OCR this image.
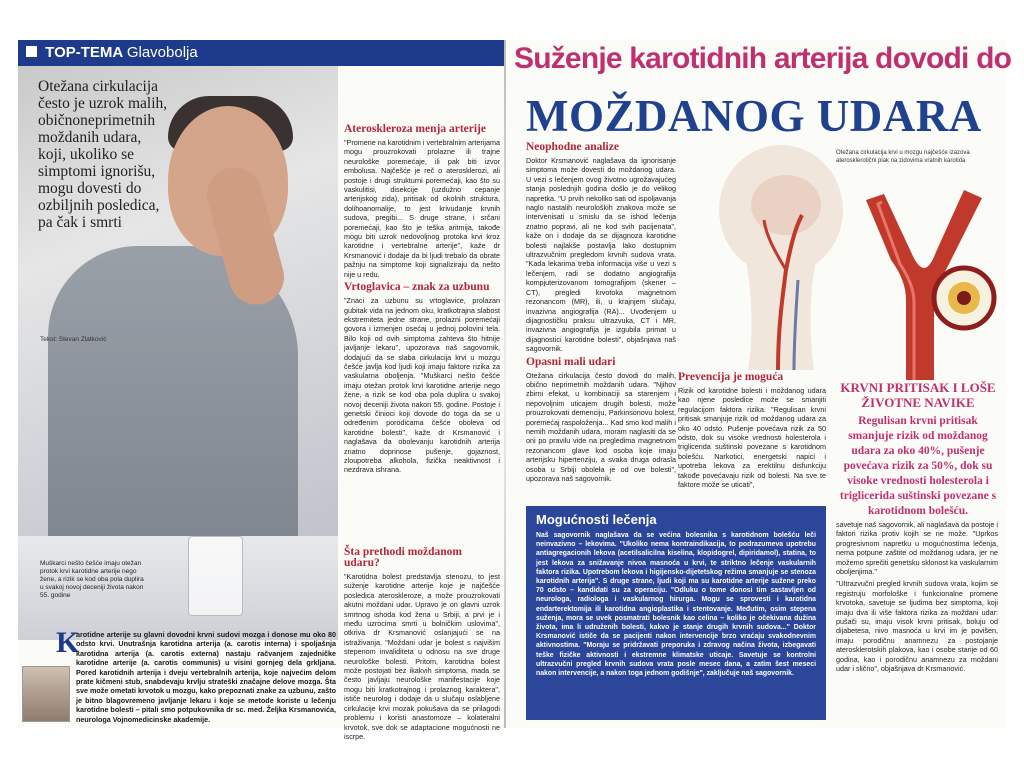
TOP-TEMA Glavobolja
Otežana cirkulacija često je uzrok malih, običnoneprimetnih moždanih udara, koji, ukoliko se simptomi ignorišu, mogu dovesti do ozbiljnih posledica, pa čak i smrti
Tekst: Stevan Zlatković
Muškarci nešto češće imaju otežan protok krvi karotidne arterije nego žene, a rizik se kod oba pola duplira u svakoj novoj deceniji života nakon 55. godine
Ateroskleroza menja arterije

"Promene na karotidnim i vertebralnim arterijama mogu prouzrokovati prolazne ili trajne neurološke poremećaje, ili pak biti izvor embolusa. Najčešće je reč o aterosklerozi, ali postoje i drugi strukturni poremećaji, kao što su vaskulitisi, disekcije (uzdužno cepanje arterijskog zida), pritisak od okolnih struktura, dolihoanomalije, to jest krivudanje krvnih sudova, pregibi... S druge strane, i srčani poremećaji, kao što je teška aritmija, takođe mogu biti uzrok nedovoljnog protoka krvi kroz karotidne i vertebralne arterije", kaže dr Krsmanović i dodaje da bi ljudi trebalo da obrate pažnju na simptome koji signaliziraju da nešto nije u redu.

Vrtoglavica – znak za uzbunu

"Znaci za uzbunu su vrtoglavice, prolazan gubitak vida na jednom oku, kratkotrajna slabost ekstremiteta jedne strane, prolazni poremećaji govora i izmenjen osećaj u jednoj polovini tela. Bilo koji od ovih simptoma zahteva što hitnije javljanje lekaru", upozorava naš sagovornik, dodajući da se slaba cirkulacija krvi u mozgu češće javlja kod ljudi koji imaju faktore rizika za vaskularna oboljenja. "Muškarci nešto češće imaju otežan protok krvi karotidne arterije nego žene, a rizik se kod oba pola duplira u svakoj novoj deceniji života nakon 55. godine. Postoje i genetski činioci koji dovode do toga da se u određenim porodicama češće oboleva od karotidne bolesti", kaže dr Krsmanović i naglašava da obolevanju karotidnih arterija znatno doprinose pušenje, gojaznost, zloupotreba alkohola, fizička neaktivnost i nezdrava ishrana.

Šta prethodi moždanom udaru?

"Karotidna bolest predstavlja stenozu, to jest suženje karotidne arterije koje je najčešće posledica ateroskleroze, a može prouzrokovati akutni moždani udar. Upravo je on glavni uzrok smrtnog ishoda kod žena u Srbiji, a prvi je i među uzrocima smrti u bolničkim uslovima", otkriva dr Krsmanović oslanjajući se na istraživanja. "Moždani udar je bolest s najvišim stepenom invaliditeta u odnosu na sve druge neurološke bolesti. Pritom, karotidna bolest može postojati bez ikakvih simptoma, mada se često javljaju neurološke manifestacije koje mogu biti kratkotrajnog i prolaznog karaktera", ističe neurolog i dodaje da u slučaju oslabljene cirkulacije krvi mozak pokušava da se prilagodi problemu i koristi anastomoze – kolateralni krvotok, sve dok se adaptacione mogućnosti ne iscrpe.

K
arotidne arterije su glavni dovodni krvni sudovi mozga i donose mu oko 80 odsto krvi. Unutrašnja karotidna arterija (a. carotis interna) i spoljašnja karotidna arterija (a. carotis externa) nastaju račvanjem zajedničke karotidne arterije (a. carotis communis) u visini gornjeg dela grkljana. Pored karotidnih arterija i dveju vertebralnih arterija, koje najvećim delom prate kičmeni stub, snabdevaju krvlju strateški značajne delove mozga. Šta sve može ometati krvotok u mozgu, kako prepoznati znake za uzbunu, zašto je bitno blagovremeno javljanje lekaru i koje se metode koriste u lečenju karotidne bolesti – pitali smo potpukovnika dr sc. med. Željka Krsmanovića, neurologa Vojnomedicinske akademije.
Suženje karotidnih arterija dovodi do
MOŽDANOG UDARA
Neophodne analize

Doktor Krsmanović naglašava da ignorisanje simptoma može dovesti do moždanog udara. U vezi s lečenjem ovog životno ugrožavajućeg stanja poslednjih godina došlo je do velikog napretka. "U prvih nekoliko sati od ispoljavanja naglo nastalih neuroloških znakova može se intervenisati u smislu da se ishod lečenja znatno popravi, ali ne kod svih pacijenata", kaže on i dodaje da se dijagnoza karotidne bolesti najlakše postavlja lako dostupnim ultrazvučnim pregledom krvnih sudova vrata. "Kada lekarima treba informacija više u vezi s lečenjem, radi se dodatno angiografija kompjuterizovanom tomografijom (skener – CT), pregledi krvotoka magnetnom rezonancom (MR), ili, u krajnjem slučaju, invazivna angiografija (RA)... Uvođenjem u dijagnostičku praksu ultrazvuka, CT i MR, invazivna angiografija je izgubila primat u dijagnostici karotidne bolesti", objašnjava naš sagovornik.

Opasni mali udari

Otežana cirkulacija često dovodi do malih, obično neprimetnih moždanih udara. "Njihov zbirni efekat, u kombinaciji sa starenjem i nepovoljnim uticajem drugih bolesti, može prouzrokovati demenciju, Parkinsonovu bolest, poremećaj raspoloženja... Kad smo kod malih i nemih moždanih udara, moram naglasiti da se oni po pravilu vide na pregledima magnetnom rezonancom glave kod osoba koje imaju arterijsku hipertenziju, a svaka druga odrasla osoba u Srbiji oboleła je od ove bolesti", upozorava naš sagovornik.

Otežana cirkulacija krvi u mozgu najčešće izazova aterosklerotični plak na zidovima vratnih karotida
Prevencija je moguća

Rizik od karotidne bolesti i moždanog udara kao njene posledice može se smanjiti regulacijom faktora rizika. "Regulisan krvni pritisak smanjuje rizik od moždanog udara za oko 40 odsto. Pušenje povećava rizik za 50 odsto, dok su visoke vrednosti holesterola i triglicerida suštinski povezane s karotidnom bolešću. Narkotici, energetski napici i upotreba lekova za erektilnu disfunkciju takođe povećavaju rizik od bolesti. Na sve te faktore može se uticati",

KRVNI PRITISAK I LOŠE ŽIVOTNE NAVIKE
Regulisan krvni pritisak smanjuje rizik od moždanog udara za oko 40%, pušenje povećava rizik za 50%, dok su visoke vrednosti holesterola i triglicerida suštinski povezane s karotidnom bolešću.
Mogućnosti lečenja
Naš sagovornik naglašava da se većina bolesnika s karotidnom bolešću leči neinvazivno – lekovima. "Ukoliko nema kontraindikacija, to podrazumeva upotrebu antiagregacionih lekova (acetilsalicilna kiselina, klopidogrel, dipiridamol), statina, to jest lekova za snižavanje nivoa masnoća u krvi, te striktno lečenje vaskularnih faktora rizika. Upotrebom lekova i higijensko-dijetetskog režima smanjuje se stenoza karotidnih arterija". S druge strane, ljudi koji ma su karotidne arterije sužene preko 70 odsto – kandidati su za operaciju. "Odluku o tome donosi tim sastavljen od neurologa, radiologa i vaskularnog hirurga. Mogu se sprovesti i karotidna endarterektomija ili karotidna angioplastika i stentovanje. Međutim, osim stepena suženja, mora se uvek posmatrati bolesnik kao celina – koliko je očekivana dužina života, ima li udruženih bolesti, kakvo je stanje drugih krvnih sudova..." Doktor Krsmanović ističe da se pacijenti nakon intervencije brzo vraćaju svakodnevnim aktivnostima. "Moraju se pridržavati preporuka i zdravog načina života, izbegavati teške fizičke aktivnosti i ekstremne klimatske uticaje. Savetuje se kontrolni ultrazvučni pregled krvnih sudova vrata posle mesec dana, a zatim šest meseci nakon intervencije, a nakon toga jednom godišnje", zaključuje naš sagovornik.

savetuje naš sagovornik, ali naglašava da postoje i faktori rizika protiv kojih se ne može. "Uprkos progresivnom napretku u mogućnostima lečenja, nema potpune zaštite od moždanog udara, jer ne možemo sprečiti genetsku sklonost ka vaskularnim oboljenjima."

"Ultrazvučni pregled krvnih sudova vrata, kojim se registruju morfološke i funkcionalne promene krvotoka, savetuje se ljudima bez simptoma, koji imaju dva ili više faktora rizika za moždani udar: pušači su, imaju visok krvni pritisak, boluju od dijabetesa, nivo masnoća u krvi im je povišen, imaju porodičnu anamnezu za postojanje aterosklerotskih plakova, kao i osobe starije od 60 godina, kao i porodičnu anamnezu za moždani udar i slično", objašnjava dr Krsmanović.
